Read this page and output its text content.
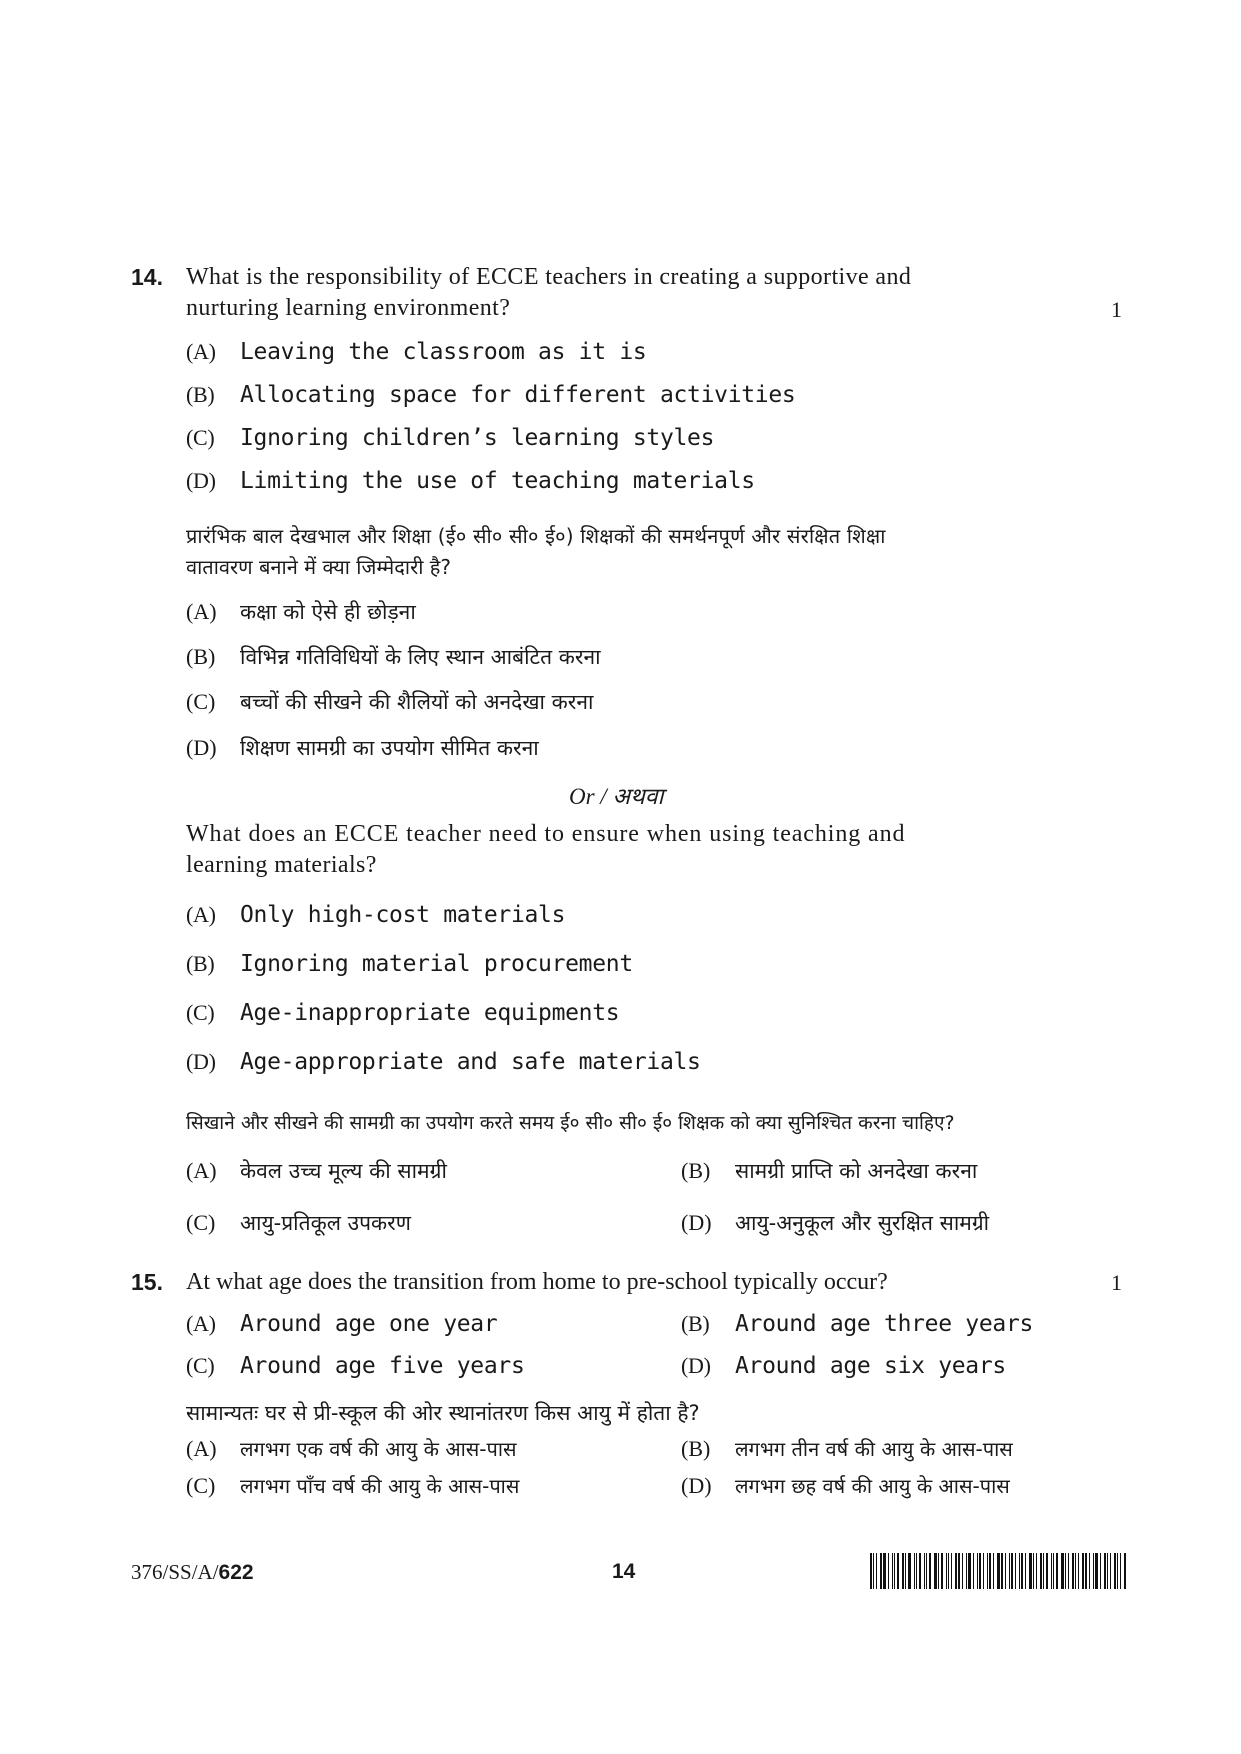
14. What is the responsibility of ECCE teachers in creating a supportive and
nurturing learning environment?	1
(A) Leaving the classroom as it is
(B) Allocating space for different activities
(C) Ignoring children’s learning styles
(D) Limiting the use of teaching materials
प्रारंभिक बाल देखभाल और शिक्षा (ई० सी० सी० ई०) शिक्षकों की समर्थनपूर्ण और संरक्षित शिक्षा
वातावरण बनाने में क्या जिम्मेदारी है?
(A) कक्षा को ऐसे ही छोड़ना
(B) विभिन्न गतिविधियों के लिए स्थान आबंटित करना
(C) बच्चों की सीखने की शैलियों को अनदेखा करना
(D) शिक्षण सामग्री का उपयोग सीमित करना
Or / अथवा
What does an ECCE teacher need to ensure when using teaching and
learning materials?
(A) Only high-cost materials
(B) Ignoring material procurement
(C) Age-inappropriate equipments
(D) Age-appropriate and safe materials
सिखाने और सीखने की सामग्री का उपयोग करते समय ई० सी० सी० ई० शिक्षक को क्या सुनिश्चित करना चाहिए?
(A) केवल उच्च मूल्य की सामग्री	(B) सामग्री प्राप्ति को अनदेखा करना
(C) आयु-प्रतिकूल उपकरण	(D) आयु-अनुकूल और सुरक्षित सामग्री
15. At what age does the transition from home to pre-school typically occur?	1
(A) Around age one year	(B) Around age three years
(C) Around age five years	(D) Around age six years
सामान्यतः घर से प्री-स्कूल की ओर स्थानांतरण किस आयु में होता है?
(A) लगभग एक वर्ष की आयु के आस-पास	(B) लगभग तीन वर्ष की आयु के आस-पास
(C) लगभग पाँच वर्ष की आयु के आस-पास	(D) लगभग छह वर्ष की आयु के आस-पास
376/SS/A/622	14
